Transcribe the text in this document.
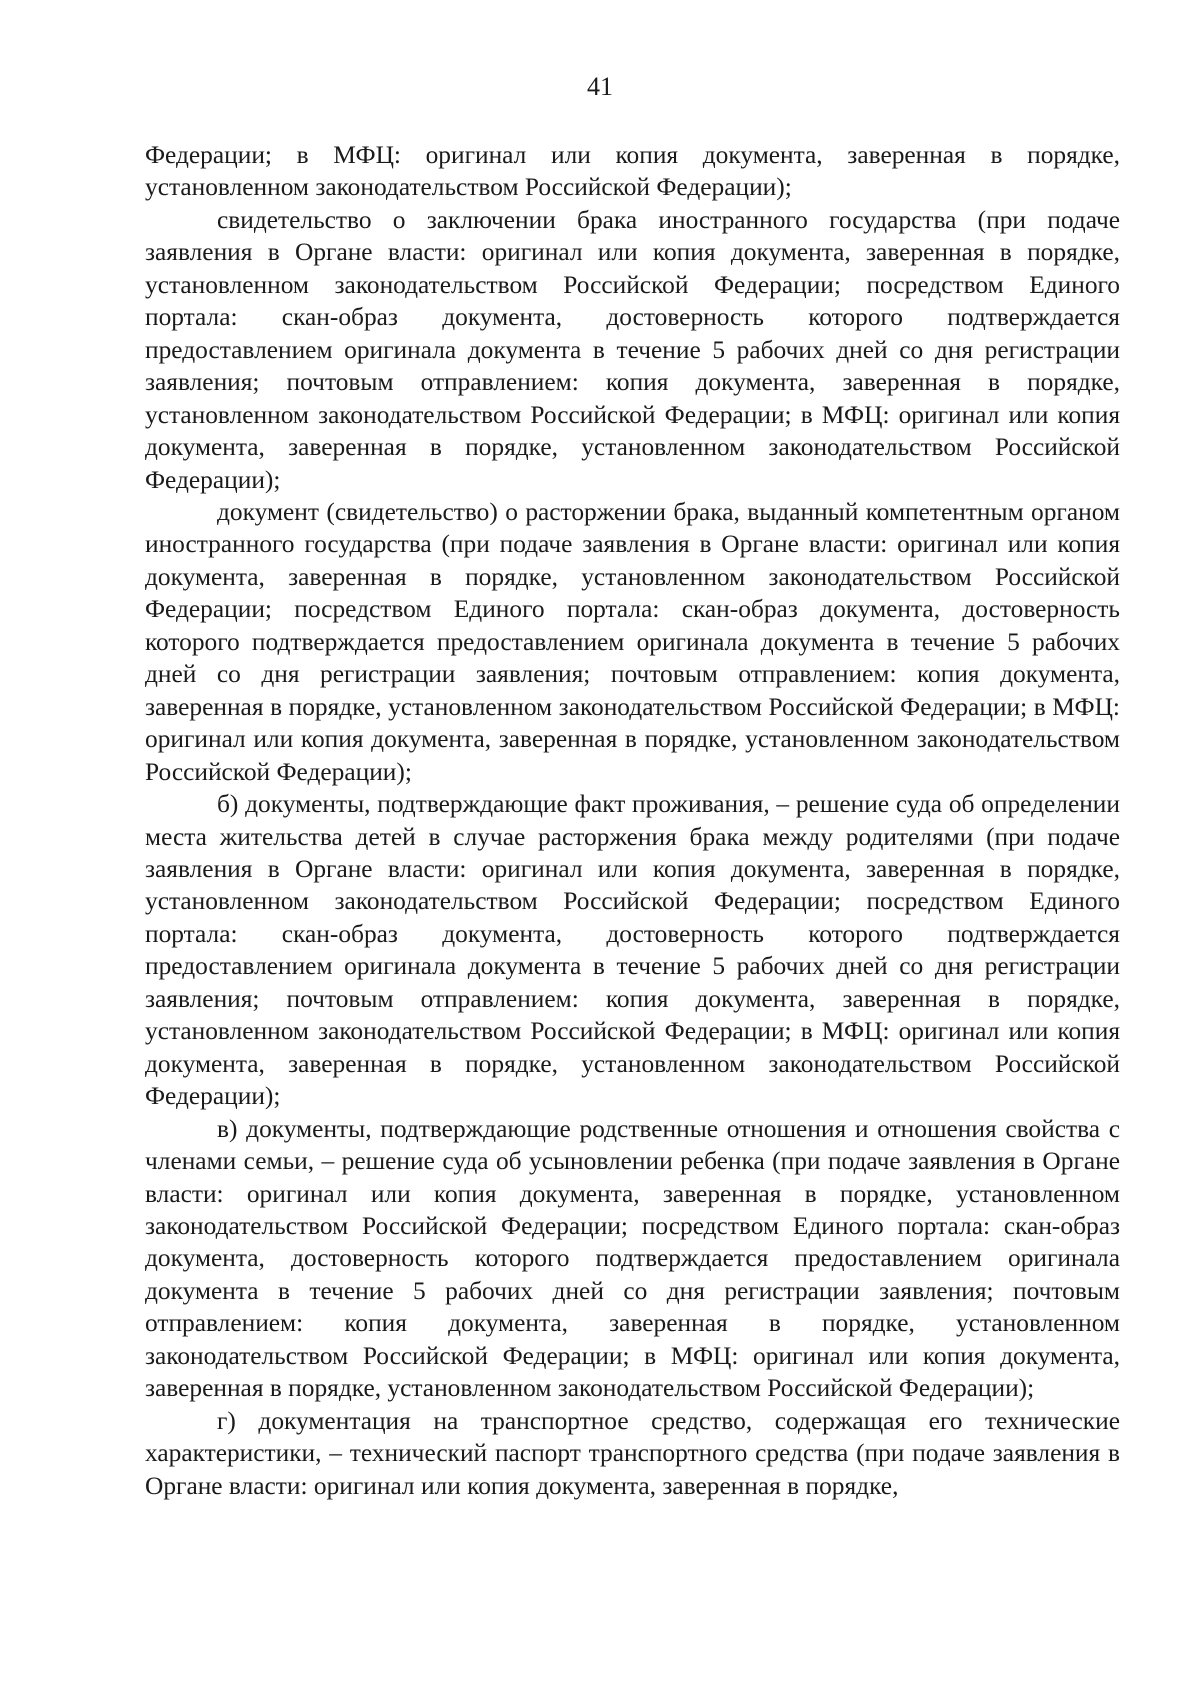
41

Федерации; в МФЦ: оригинал или копия документа, заверенная в порядке, установленном законодательством Российской Федерации);

свидетельство о заключении брака иностранного государства (при подаче заявления в Органе власти: оригинал или копия документа, заверенная в порядке, установленном законодательством Российской Федерации; посредством Единого портала: скан-образ документа, достоверность которого подтверждается предоставлением оригинала документа в течение 5 рабочих дней со дня регистрации заявления; почтовым отправлением: копия документа, заверенная в порядке, установленном законодательством Российской Федерации; в МФЦ: оригинал или копия документа, заверенная в порядке, установленном законодательством Российской Федерации);

документ (свидетельство) о расторжении брака, выданный компетентным органом иностранного государства (при подаче заявления в Органе власти: оригинал или копия документа, заверенная в порядке, установленном законодательством Российской Федерации; посредством Единого портала: скан-образ документа, достоверность которого подтверждается предоставлением оригинала документа в течение 5 рабочих дней со дня регистрации заявления; почтовым отправлением: копия документа, заверенная в порядке, установленном законодательством Российской Федерации; в МФЦ: оригинал или копия документа, заверенная в порядке, установленном законодательством Российской Федерации);

б) документы, подтверждающие факт проживания, – решение суда об определении места жительства детей в случае расторжения брака между родителями (при подаче заявления в Органе власти: оригинал или копия документа, заверенная в порядке, установленном законодательством Российской Федерации; посредством Единого портала: скан-образ документа, достоверность которого подтверждается предоставлением оригинала документа в течение 5 рабочих дней со дня регистрации заявления; почтовым отправлением: копия документа, заверенная в порядке, установленном законодательством Российской Федерации; в МФЦ: оригинал или копия документа, заверенная в порядке, установленном законодательством Российской Федерации);

в) документы, подтверждающие родственные отношения и отношения свойства с членами семьи, – решение суда об усыновлении ребенка (при подаче заявления в Органе власти: оригинал или копия документа, заверенная в порядке, установленном законодательством Российской Федерации; посредством Единого портала: скан-образ документа, достоверность которого подтверждается предоставлением оригинала документа в течение 5 рабочих дней со дня регистрации заявления; почтовым отправлением: копия документа, заверенная в порядке, установленном законодательством Российской Федерации; в МФЦ: оригинал или копия документа, заверенная в порядке, установленном законодательством Российской Федерации);

г) документация на транспортное средство, содержащая его технические характеристики, – технический паспорт транспортного средства (при подаче заявления в Органе власти: оригинал или копия документа, заверенная в порядке,
